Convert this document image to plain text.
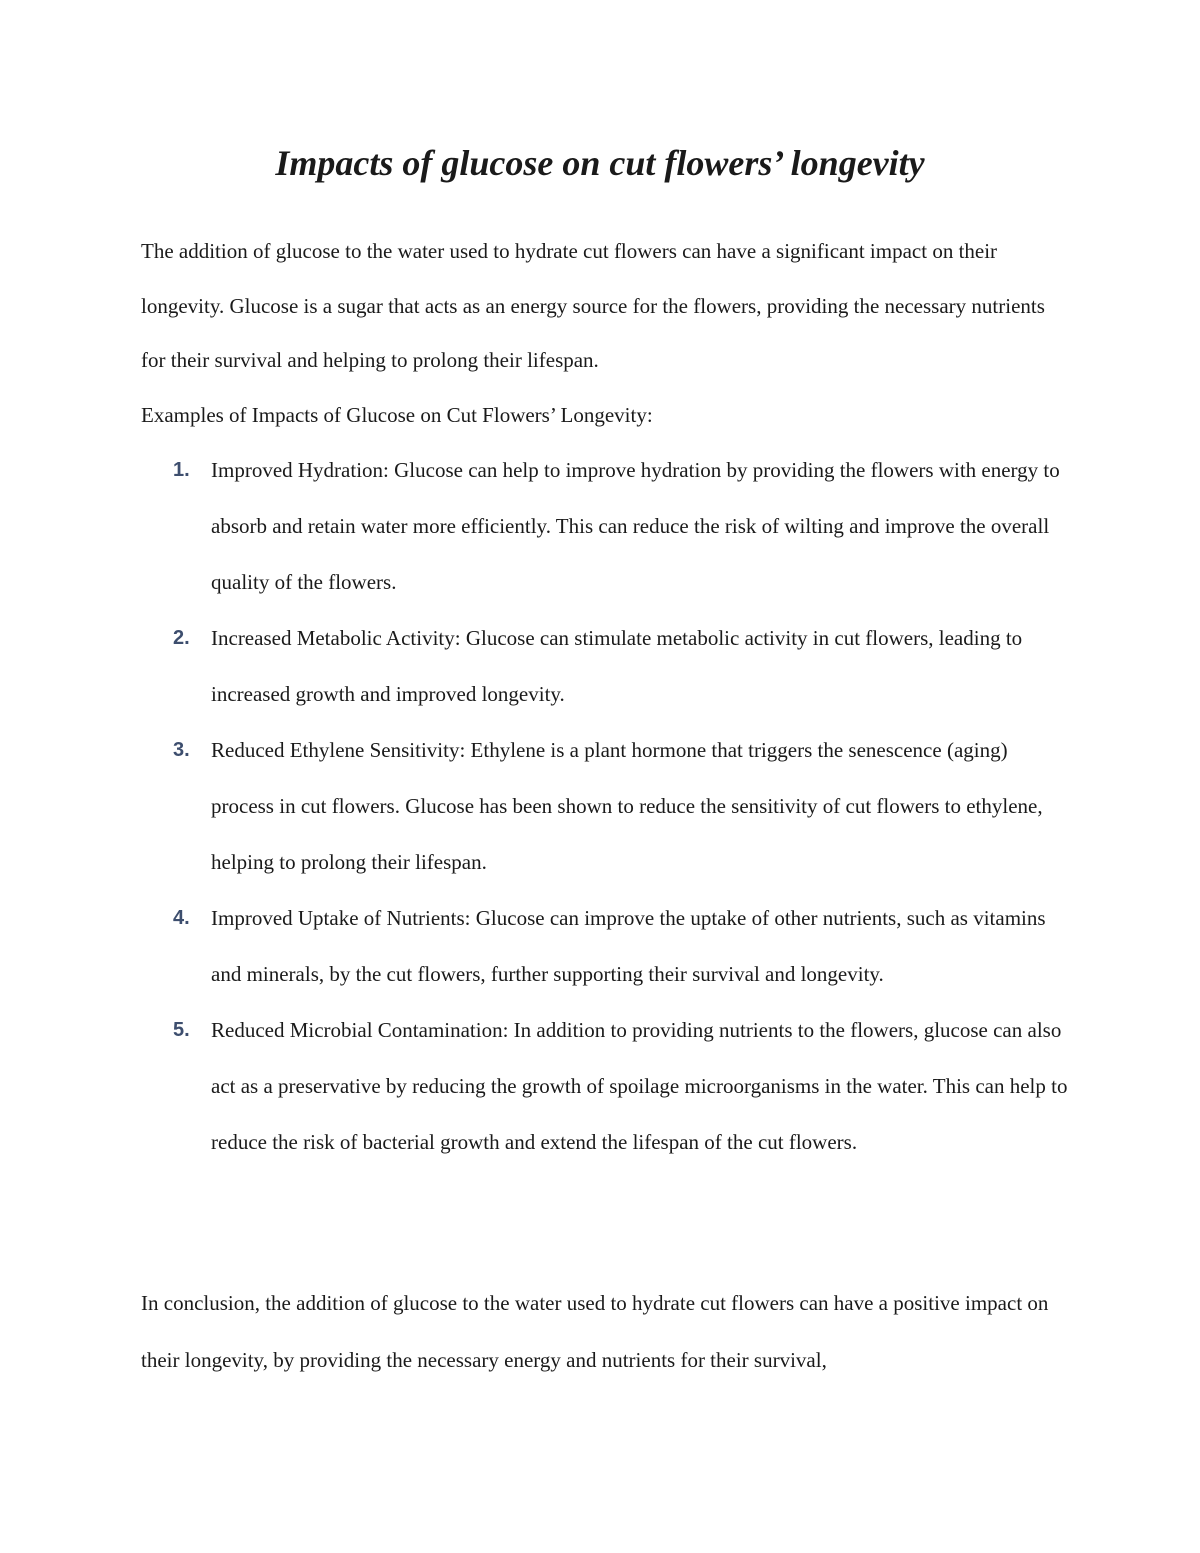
Impacts of glucose on cut flowers’ longevity

The addition of glucose to the water used to hydrate cut flowers can have a significant impact on their longevity. Glucose is a sugar that acts as an energy source for the flowers, providing the necessary nutrients for their survival and helping to prolong their lifespan.

Examples of Impacts of Glucose on Cut Flowers’ Longevity:

1. Improved Hydration: Glucose can help to improve hydration by providing the flowers with energy to absorb and retain water more efficiently. This can reduce the risk of wilting and improve the overall quality of the flowers.
2. Increased Metabolic Activity: Glucose can stimulate metabolic activity in cut flowers, leading to increased growth and improved longevity.
3. Reduced Ethylene Sensitivity: Ethylene is a plant hormone that triggers the senescence (aging) process in cut flowers. Glucose has been shown to reduce the sensitivity of cut flowers to ethylene, helping to prolong their lifespan.
4. Improved Uptake of Nutrients: Glucose can improve the uptake of other nutrients, such as vitamins and minerals, by the cut flowers, further supporting their survival and longevity.
5. Reduced Microbial Contamination: In addition to providing nutrients to the flowers, glucose can also act as a preservative by reducing the growth of spoilage microorganisms in the water. This can help to reduce the risk of bacterial growth and extend the lifespan of the cut flowers.

In conclusion, the addition of glucose to the water used to hydrate cut flowers can have a positive impact on their longevity, by providing the necessary energy and nutrients for their survival,
